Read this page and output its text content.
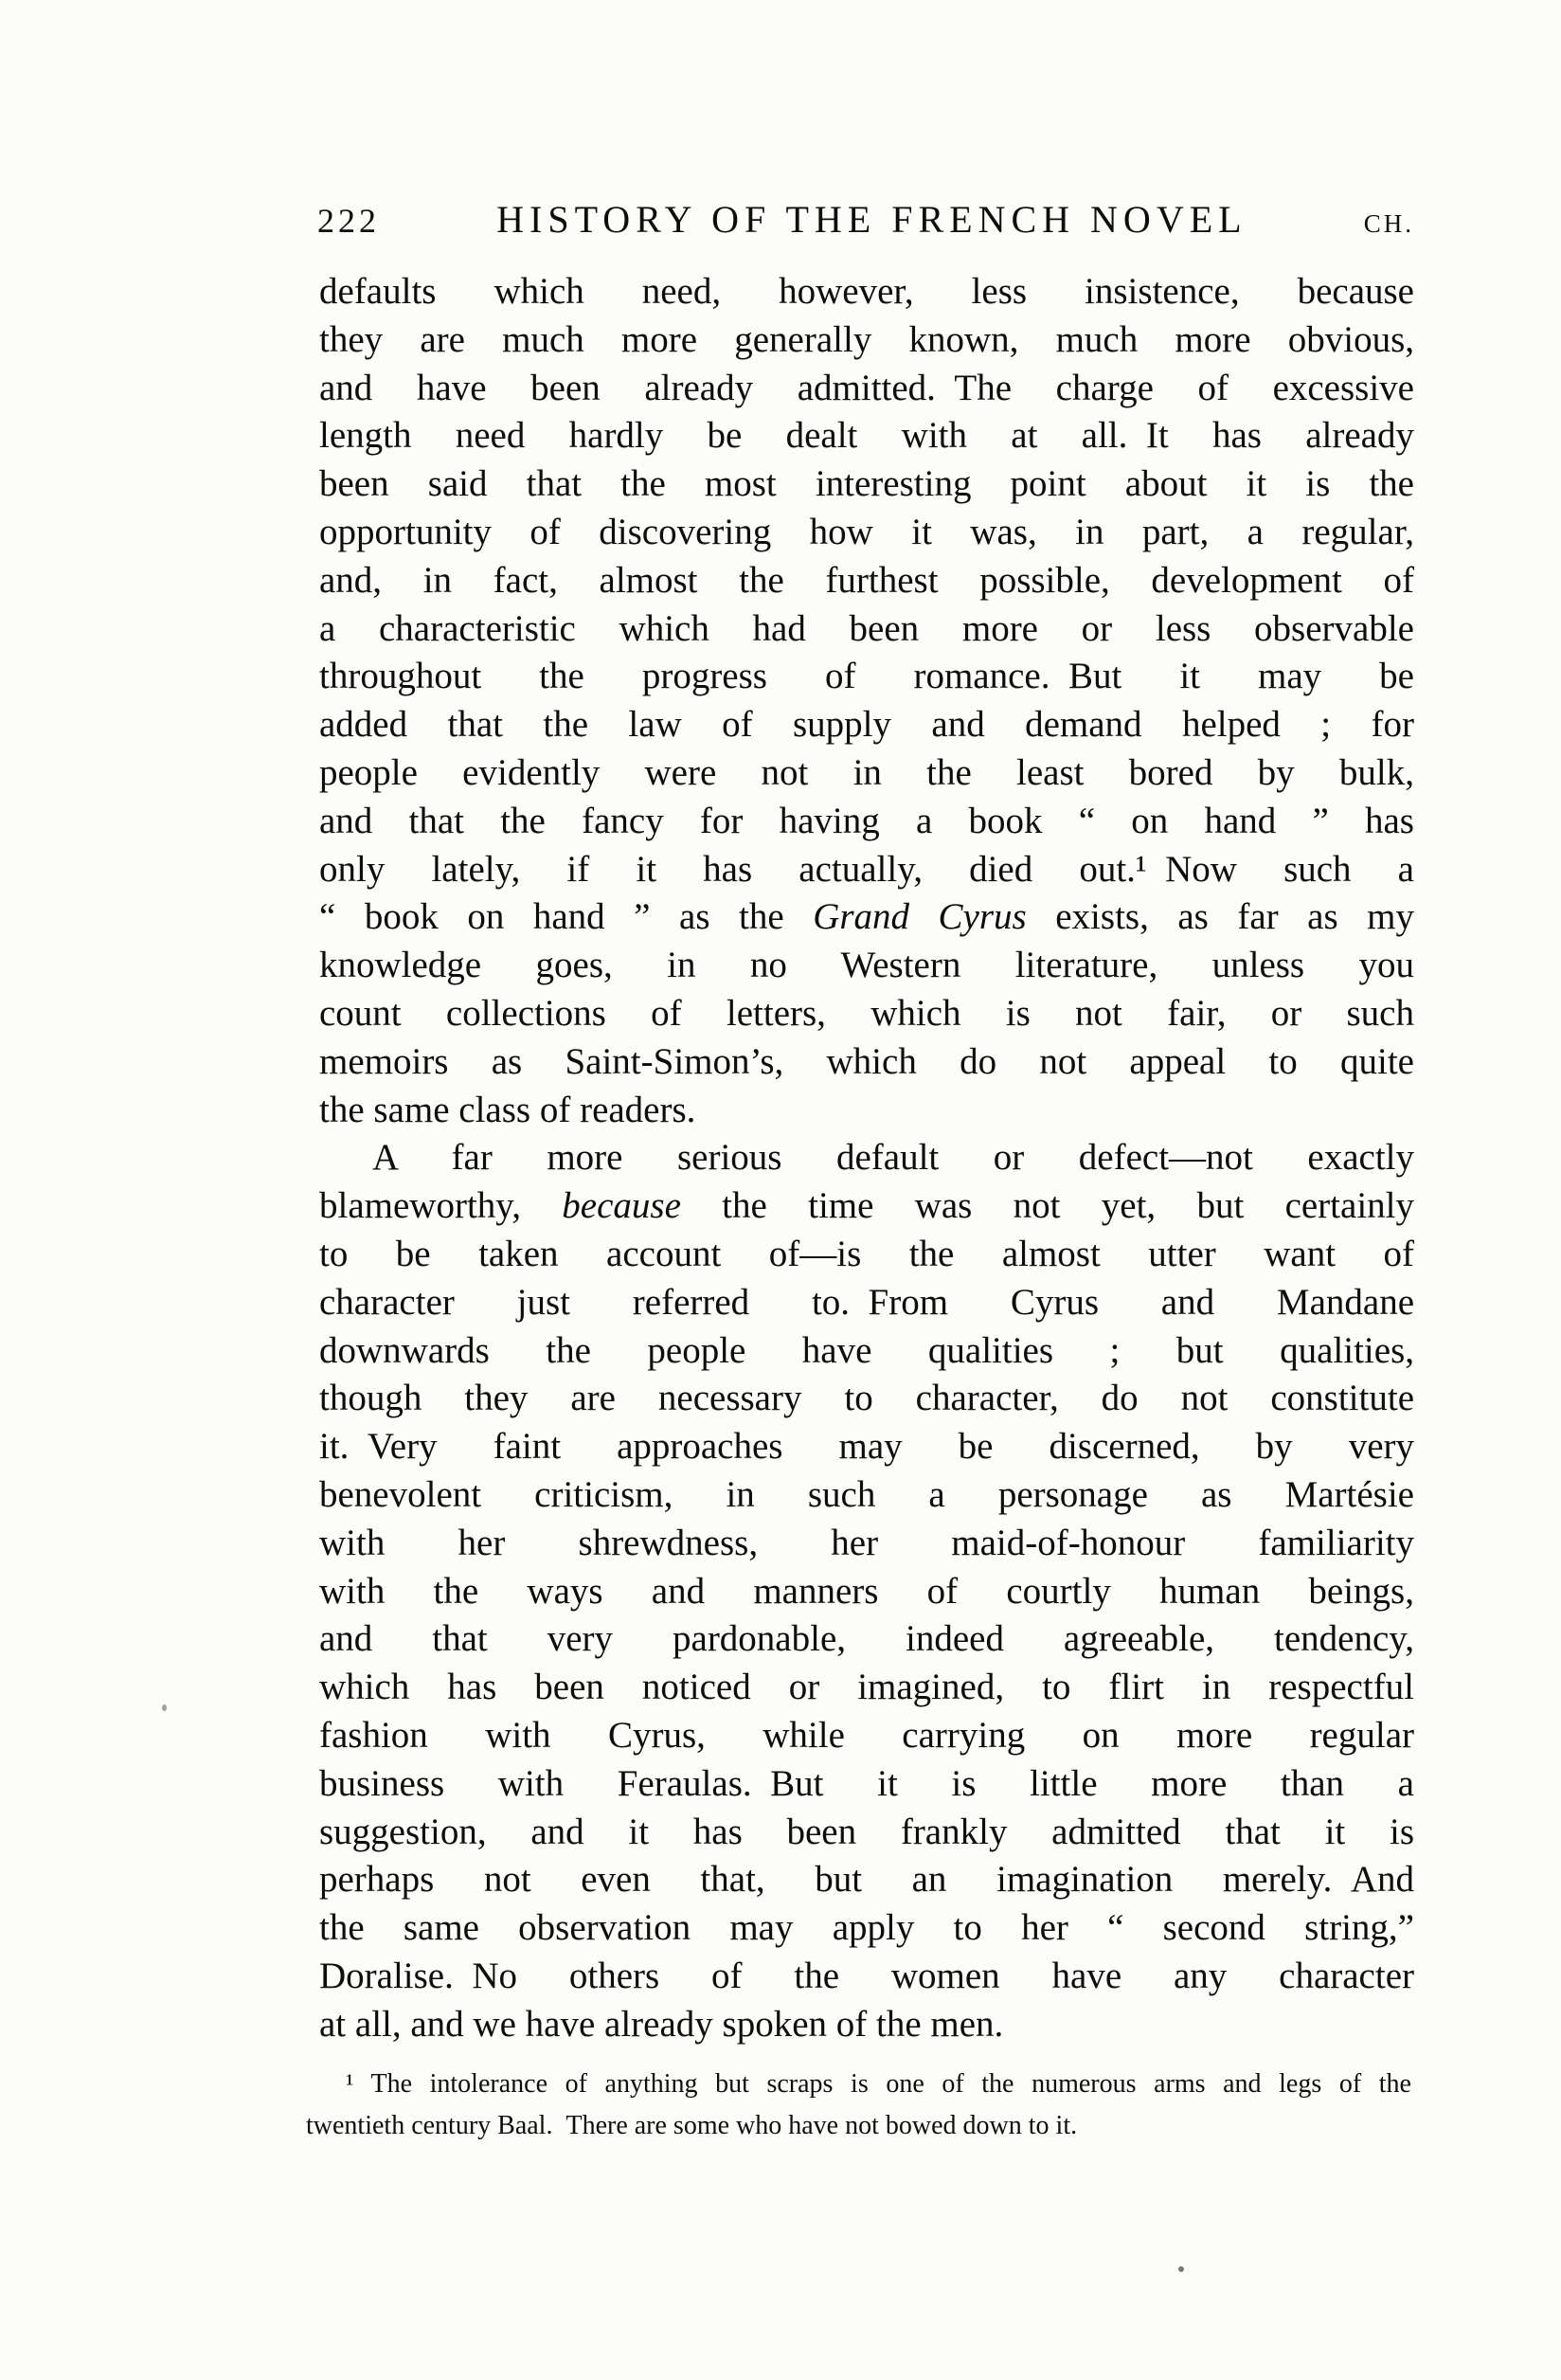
222	HISTORY OF THE FRENCH NOVEL	CH.
defaults which need, however, less insistence, because
they are much more generally known, much more obvious,
and have been already admitted. The charge of excessive
length need hardly be dealt with at all. It has already
been said that the most interesting point about it is the
opportunity of discovering how it was, in part, a regular,
and, in fact, almost the furthest possible, development of
a characteristic which had been more or less observable
throughout the progress of romance. But it may be
added that the law of supply and demand helped ; for
people evidently were not in the least bored by bulk,
and that the fancy for having a book “ on hand ” has
only lately, if it has actually, died out.¹ Now such a
“ book on hand ” as the Grand Cyrus exists, as far as my
knowledge goes, in no Western literature, unless you
count collections of letters, which is not fair, or such
memoirs as Saint-Simon’s, which do not appeal to quite
the same class of readers.
A far more serious default or defect—not exactly
blameworthy, because the time was not yet, but certainly
to be taken account of—is the almost utter want of
character just referred to. From Cyrus and Mandane
downwards the people have qualities ; but qualities,
though they are necessary to character, do not constitute
it. Very faint approaches may be discerned, by very
benevolent criticism, in such a personage as Martésie
with her shrewdness, her maid-of-honour familiarity
with the ways and manners of courtly human beings,
and that very pardonable, indeed agreeable, tendency,
which has been noticed or imagined, to flirt in respectful
fashion with Cyrus, while carrying on more regular
business with Feraulas. But it is little more than a
suggestion, and it has been frankly admitted that it is
perhaps not even that, but an imagination merely. And
the same observation may apply to her “ second string,”
Doralise. No others of the women have any character
at all, and we have already spoken of the men.
¹ The intolerance of anything but scraps is one of the numerous arms and legs of the
twentieth century Baal. There are some who have not bowed down to it.
